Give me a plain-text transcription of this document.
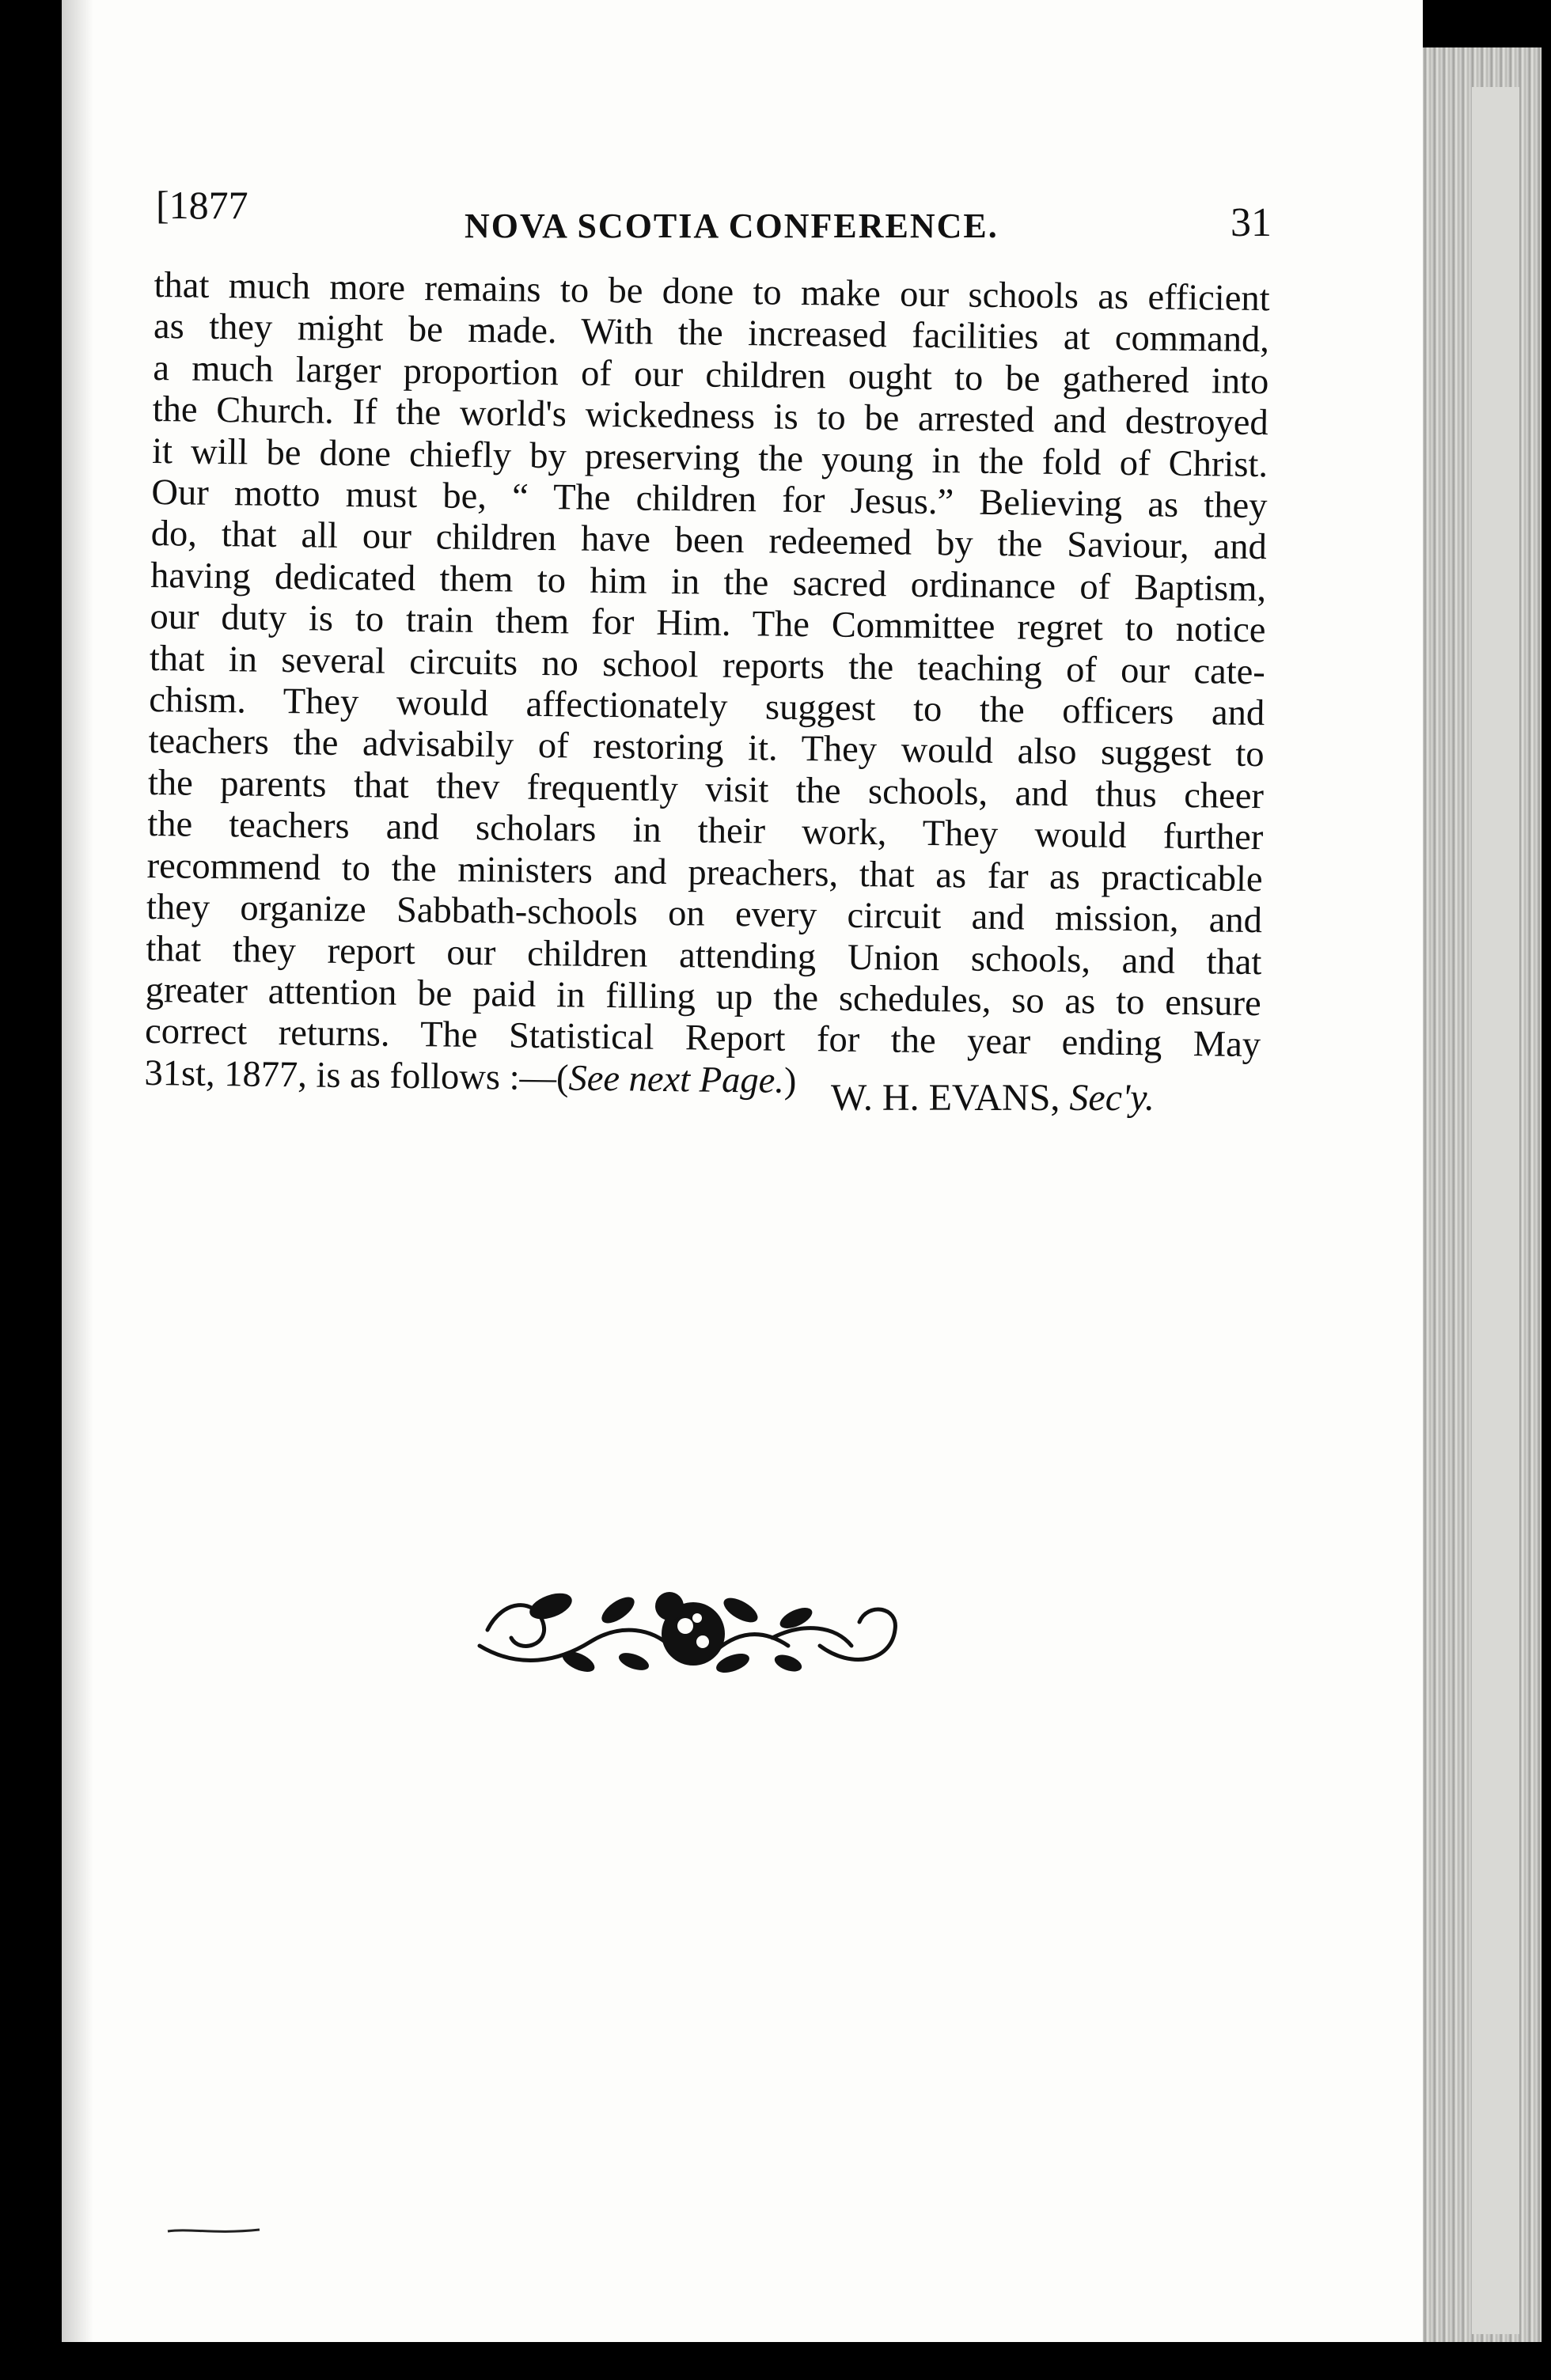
[1877	NOVA SCOTIA CONFERENCE.	31
that much more remains to be done to make our schools as efficient
as they might be made. With the increased facilities at command,
a much larger proportion of our children ought to be gathered into
the Church. If the world's wickedness is to be arrested and destroyed
it will be done chiefly by preserving the young in the fold of Christ.
Our motto must be, “ The children for Jesus.” Believing as they
do, that all our children have been redeemed by the Saviour, and
having dedicated them to him in the sacred ordinance of Baptism,
our duty is to train them for Him. The Committee regret to notice
that in several circuits no school reports the teaching of our cate-
chism. They would affectionately suggest to the officers and
teachers the advisabily of restoring it. They would also suggest to
the parents that thev frequently visit the schools, and thus cheer
the teachers and scholars in their work, They would further
recommend to the ministers and preachers, that as far as practicable
they organize Sabbath-schools on every circuit and mission, and
that they report our children attending Union schools, and that
greater attention be paid in filling up the schedules, so as to ensure
correct returns. The Statistical Report for the year ending May
31st, 1877, is as follows :—(See next Page.) W. H. EVANS, Sec'y.
